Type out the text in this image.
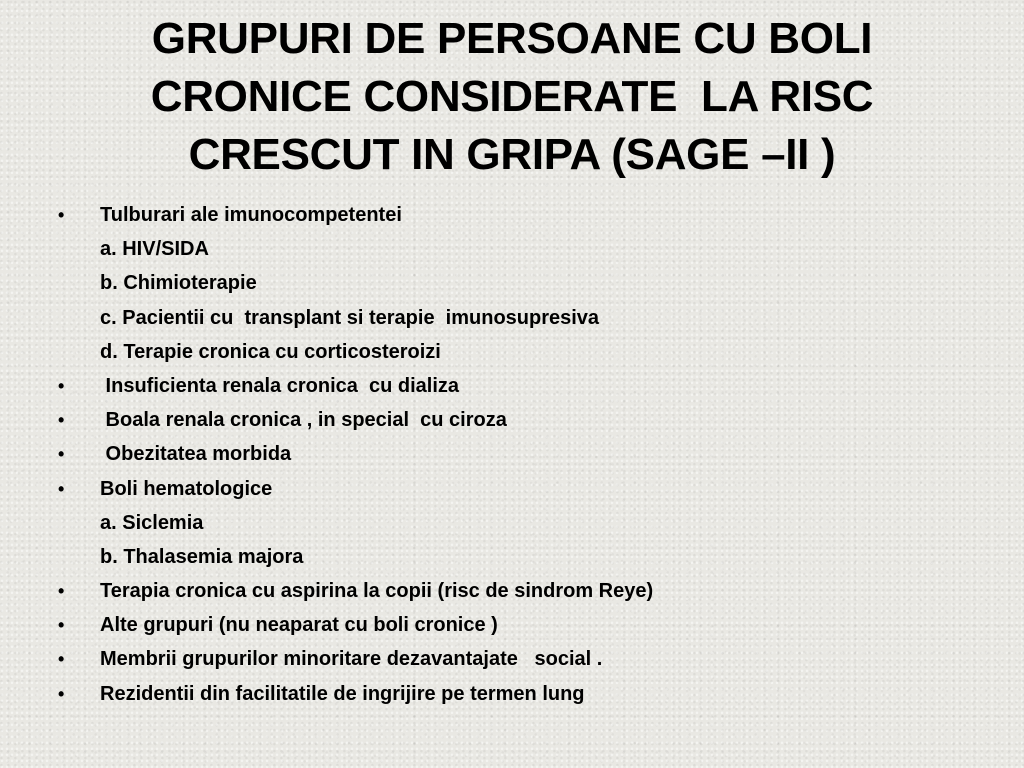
GRUPURI DE PERSOANE CU BOLI
CRONICE CONSIDERATE  LA RISC
CRESCUT IN GRIPA (SAGE –II )
•	Tulburari ale imunocompetentei
a. HIV/SIDA
b. Chimioterapie
c. Pacientii cu  transplant si terapie  imunosupresiva
d. Terapie cronica cu corticosteroizi
•	Insuficienta renala cronica  cu dializa
•	Boala renala cronica , in special  cu ciroza
•	Obezitatea morbida
•	Boli hematologice
a. Siclemia
b. Thalasemia majora
•	Terapia cronica cu aspirina la copii (risc de sindrom Reye)
•	Alte grupuri (nu neaparat cu boli cronice )
•	Membrii grupurilor minoritare dezavantajate   social .
•	Rezidentii din facilitatile de ingrijire pe termen lung
